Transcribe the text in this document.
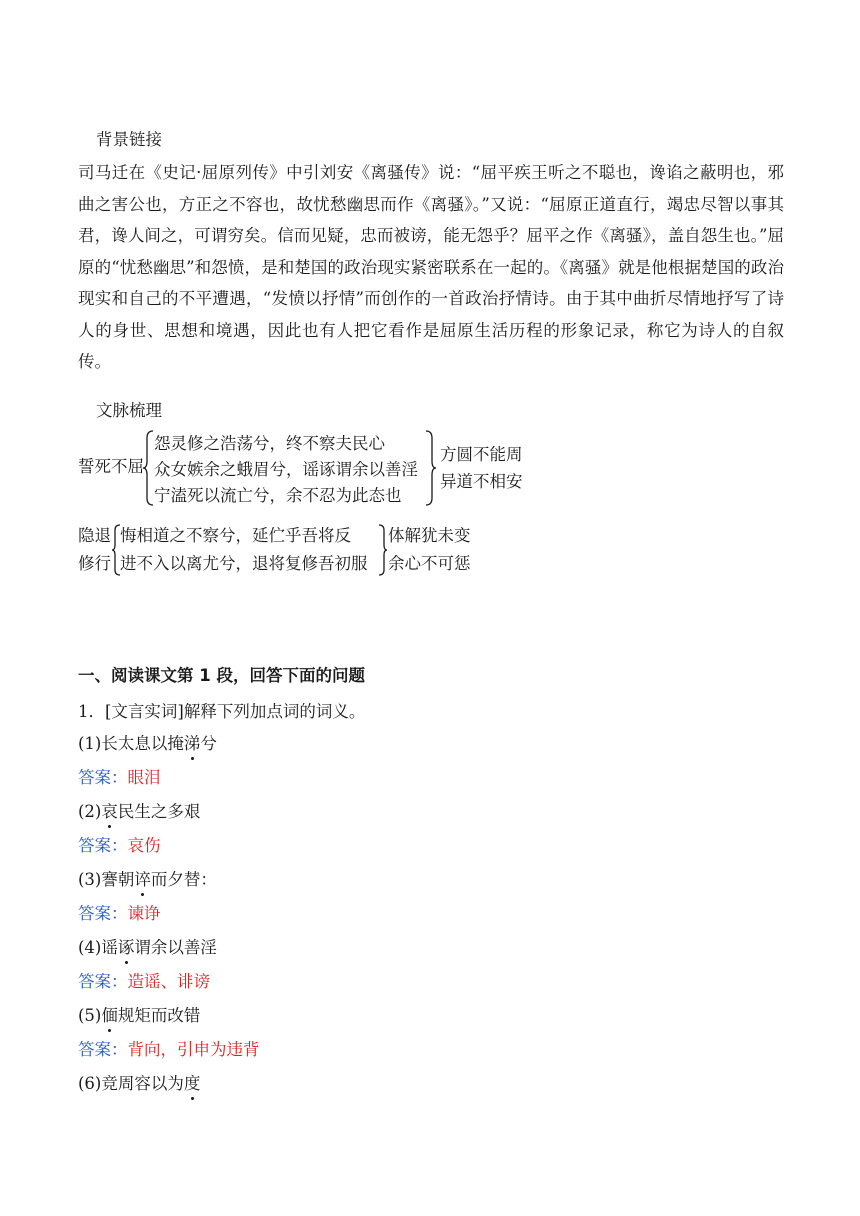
背景链接
司马迁在《史记·屈原列传》中引刘安《离骚传》说：“屈平疾王听之不聪也，谗谄之蔽明也，邪曲之害公也，方正之不容也，故忧愁幽思而作《离骚》。”又说：“屈原正道直行，竭忠尽智以事其君，谗人间之，可谓穷矣。信而见疑，忠而被谤，能无怨乎？屈平之作《离骚》，盖自怨生也。”屈原的“忧愁幽思”和怨愤，是和楚国的政治现实紧密联系在一起的。《离骚》就是他根据楚国的政治现实和自己的不平遭遇，“发愤以抒情”而创作的一首政治抒情诗。由于其中曲折尽情地抒写了诗人的身世、思想和境遇，因此也有人把它看作是屈原生活历程的形象记录，称它为诗人的自叙传。
文脉梳理
誓死不屈
怨灵修之浩荡兮，终不察夫民心
众女嫉余之蛾眉兮，谣诼谓余以善淫
宁溘死以流亡兮，余不忍为此态也
方圆不能周
异道不相安
隐退
修行
悔相道之不察兮，延伫乎吾将反
进不入以离尤兮，退将复修吾初服
体解犹未变
余心不可惩
一、阅读课文第 1 段，回答下面的问题
1．[文言实词]解释下列加点词的词义。
(1)长太息以掩涕兮
答案：眼泪
(2)哀民生之多艰
答案：哀伤
(3)謇朝谇而夕替：
答案：谏诤
(4)谣诼谓余以善淫
答案：造谣、诽谤
(5)偭规矩而改错
答案：背向，引申为违背
(6)竞周容以为度
